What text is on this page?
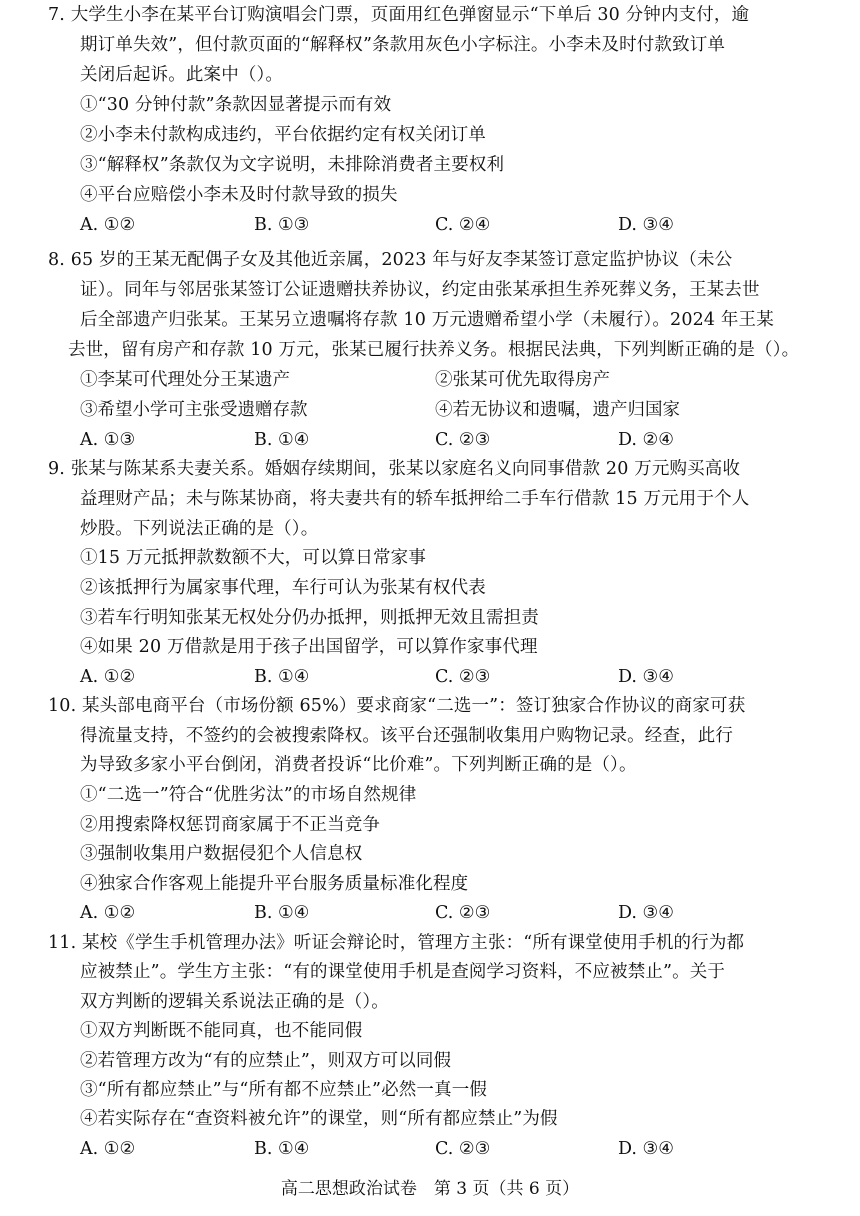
7. 大学生小李在某平台订购演唱会门票，页面用红色弹窗显示“下单后 30 分钟内支付，逾
期订单失效”，但付款页面的“解释权”条款用灰色小字标注。小李未及时付款致订单
关闭后起诉。此案中（）。
①“30 分钟付款”条款因显著提示而有效
②小李未付款构成违约，平台依据约定有权关闭订单
③“解释权”条款仅为文字说明，未排除消费者主要权利
④平台应赔偿小李未及时付款导致的损失
A. ①②	B. ①③	C. ②④	D. ③④
8. 65 岁的王某无配偶子女及其他近亲属，2023 年与好友李某签订意定监护协议（未公
证）。同年与邻居张某签订公证遗赠扶养协议，约定由张某承担生养死葬义务，王某去世
后全部遗产归张某。王某另立遗嘱将存款 10 万元遗赠希望小学（未履行）。2024 年王某
去世，留有房产和存款 10 万元，张某已履行扶养义务。根据民法典，下列判断正确的是（）。
①李某可代理处分王某遗产	②张某可优先取得房产
③希望小学可主张受遗赠存款	④若无协议和遗嘱，遗产归国家
A. ①③	B. ①④	C. ②③	D. ②④
9. 张某与陈某系夫妻关系。婚姻存续期间，张某以家庭名义向同事借款 20 万元购买高收
益理财产品；未与陈某协商，将夫妻共有的轿车抵押给二手车行借款 15 万元用于个人
炒股。下列说法正确的是（）。
①15 万元抵押款数额不大，可以算日常家事
②该抵押行为属家事代理，车行可认为张某有权代表
③若车行明知张某无权处分仍办抵押，则抵押无效且需担责
④如果 20 万借款是用于孩子出国留学，可以算作家事代理
A. ①②	B. ①④	C. ②③	D. ③④
10. 某头部电商平台（市场份额 65%）要求商家“二选一”：签订独家合作协议的商家可获
得流量支持，不签约的会被搜索降权。该平台还强制收集用户购物记录。经查，此行
为导致多家小平台倒闭，消费者投诉“比价难”。下列判断正确的是（）。
①“二选一”符合“优胜劣汰”的市场自然规律
②用搜索降权惩罚商家属于不正当竞争
③强制收集用户数据侵犯个人信息权
④独家合作客观上能提升平台服务质量标准化程度
A. ①②	B. ①④	C. ②③	D. ③④
11. 某校《学生手机管理办法》听证会辩论时，管理方主张：“所有课堂使用手机的行为都
应被禁止”。学生方主张：“有的课堂使用手机是查阅学习资料，不应被禁止”。关于
双方判断的逻辑关系说法正确的是（）。
①双方判断既不能同真，也不能同假
②若管理方改为“有的应禁止”，则双方可以同假
③“所有都应禁止”与“所有都不应禁止”必然一真一假
④若实际存在“查资料被允许”的课堂，则“所有都应禁止”为假
A. ①②	B. ①④	C. ②③	D. ③④
高二思想政治试卷　第 3 页（共 6 页）
